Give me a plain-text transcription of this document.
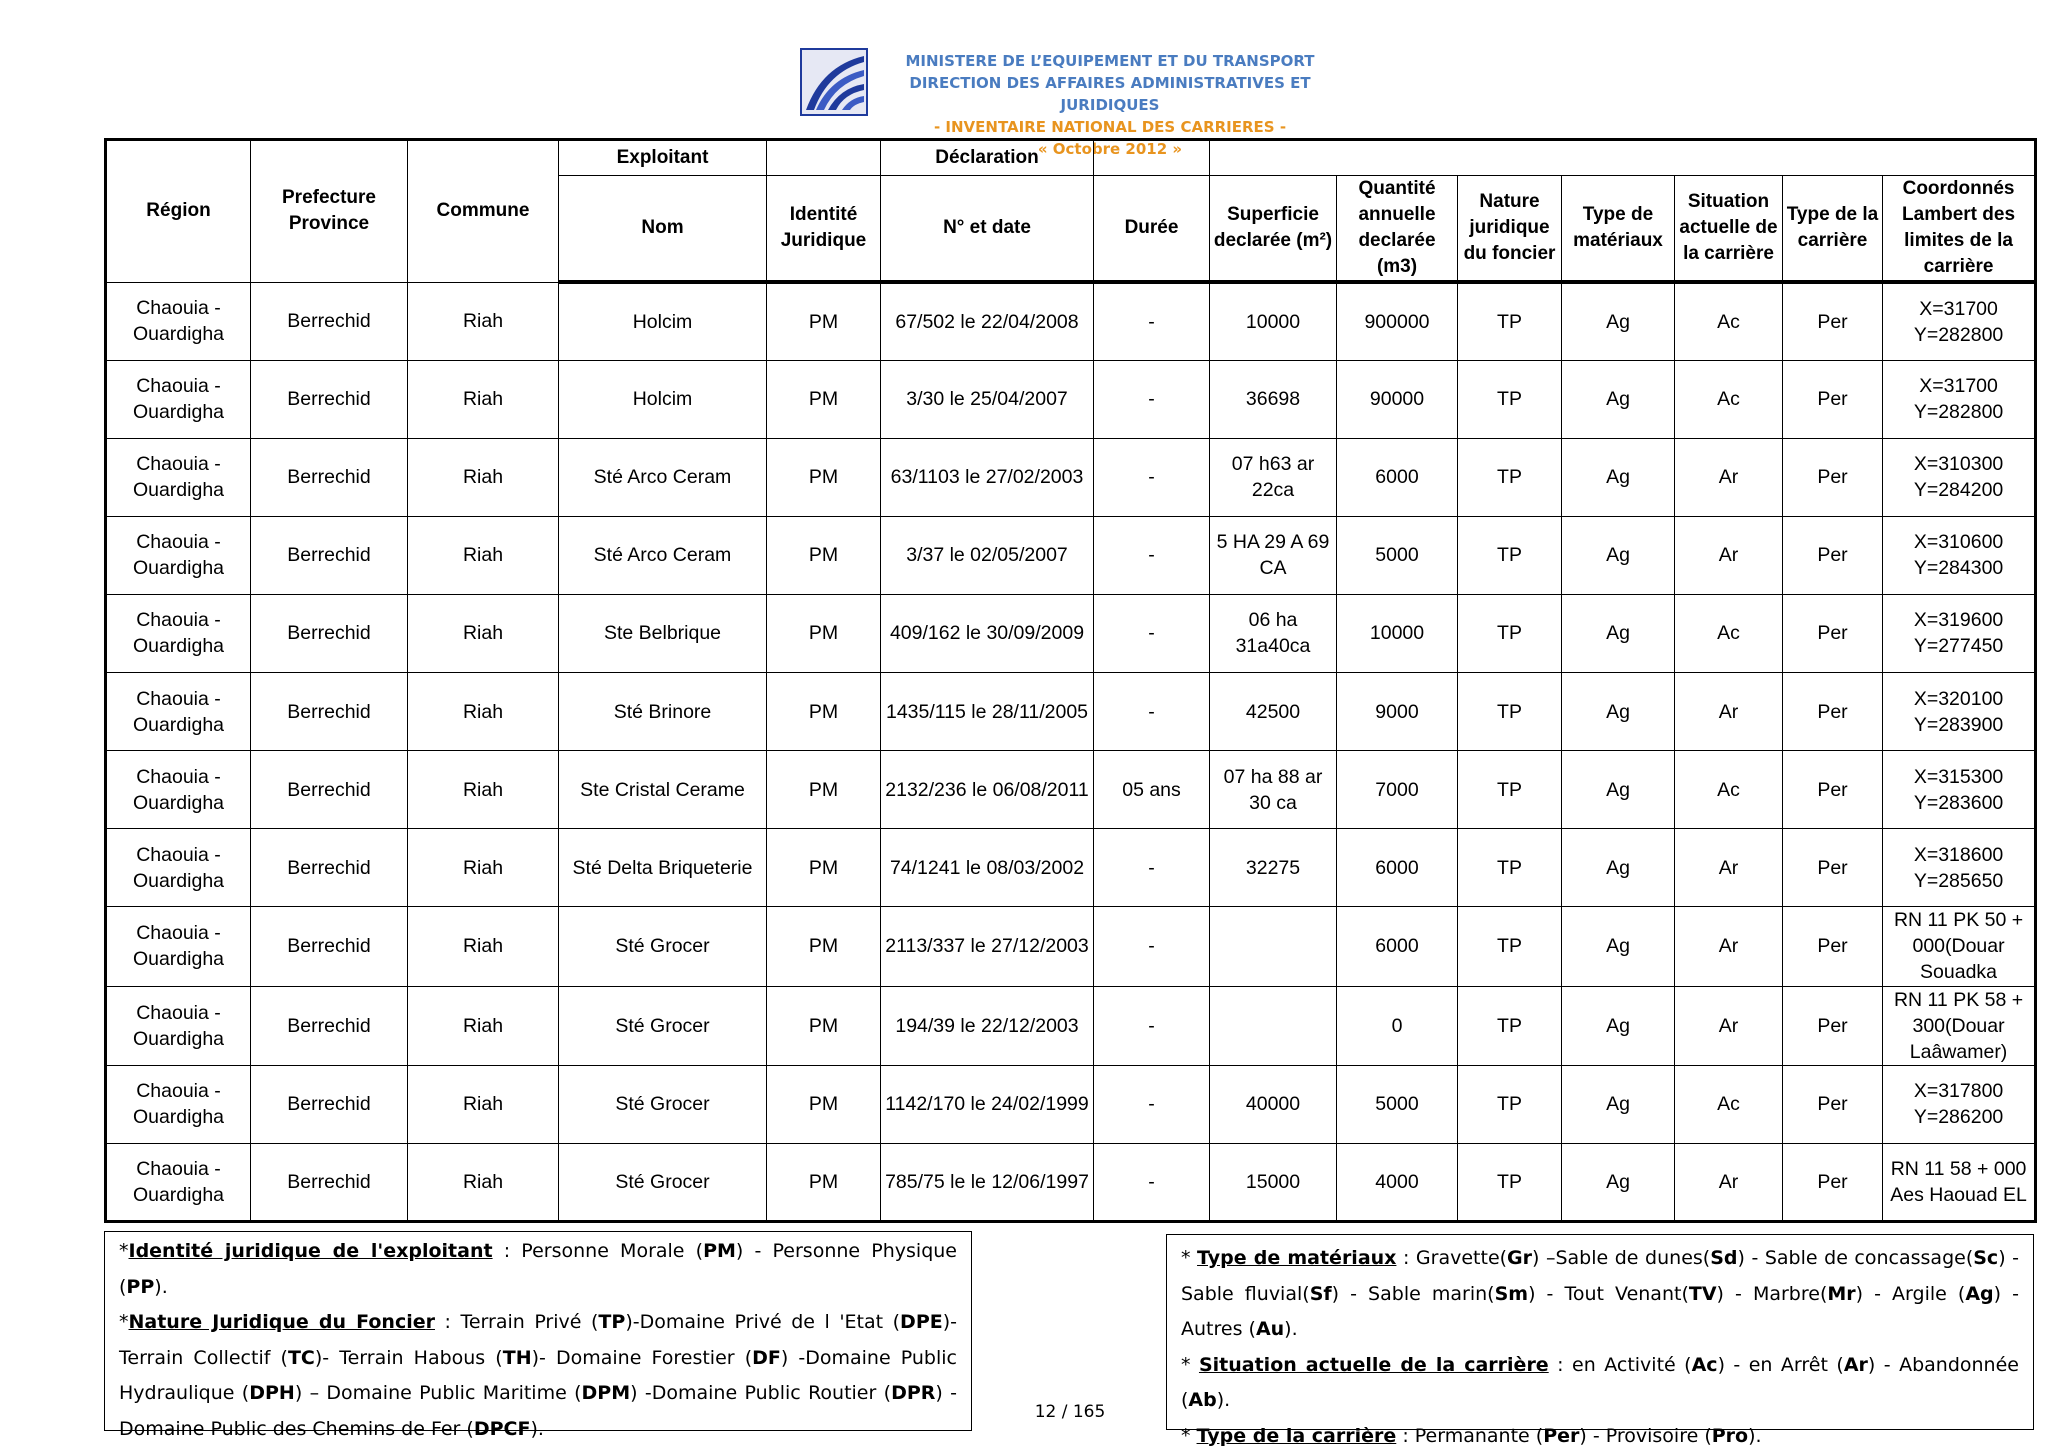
MINISTERE DE L’EQUIPEMENT ET DU TRANSPORT
DIRECTION DES AFFAIRES ADMINISTRATIVES ET JURIDIQUES
- INVENTAIRE NATIONAL DES CARRIERES -
« Octobre 2012 »
Région	Prefecture Province	Commune	Exploitant		Déclaration								
			Nom	Identité Juridique	N° et date	Durée	Superficie declarée (m²)	Quantité annuelle declarée (m3)	Nature juridique du foncier	Type de matériaux	Situation actuelle de la carrière	Type de la carrière	Coordonnés Lambert des limites de la carrière
Chaouia - Ouardigha	Berrechid	Riah	Holcim	PM	67/502 le 22/04/2008	-	10000	900000	TP	Ag	Ac	Per	X=31700 Y=282800
Chaouia - Ouardigha	Berrechid	Riah	Holcim	PM	3/30 le 25/04/2007	-	36698	90000	TP	Ag	Ac	Per	X=31700 Y=282800
Chaouia - Ouardigha	Berrechid	Riah	Sté Arco Ceram	PM	63/1103 le 27/02/2003	-	07 h63 ar 22ca	6000	TP	Ag	Ar	Per	X=310300 Y=284200
Chaouia - Ouardigha	Berrechid	Riah	Sté Arco Ceram	PM	3/37 le 02/05/2007	-	5 HA 29 A 69 CA	5000	TP	Ag	Ar	Per	X=310600 Y=284300
Chaouia - Ouardigha	Berrechid	Riah	Ste Belbrique	PM	409/162 le 30/09/2009	-	06 ha 31a40ca	10000	TP	Ag	Ac	Per	X=319600 Y=277450
Chaouia - Ouardigha	Berrechid	Riah	Sté Brinore	PM	1435/115 le 28/11/2005	-	42500	9000	TP	Ag	Ar	Per	X=320100 Y=283900
Chaouia - Ouardigha	Berrechid	Riah	Ste Cristal Cerame	PM	2132/236 le 06/08/2011	05 ans	07 ha 88 ar 30 ca	7000	TP	Ag	Ac	Per	X=315300 Y=283600
Chaouia - Ouardigha	Berrechid	Riah	Sté Delta Briqueterie	PM	74/1241 le 08/03/2002	-	32275	6000	TP	Ag	Ar	Per	X=318600 Y=285650
Chaouia - Ouardigha	Berrechid	Riah	Sté Grocer	PM	2113/337 le 27/12/2003	-		6000	TP	Ag	Ar	Per	RN 11 PK 50 + 000(Douar Souadka
Chaouia - Ouardigha	Berrechid	Riah	Sté Grocer	PM	194/39 le 22/12/2003	-		0	TP	Ag	Ar	Per	RN 11 PK 58 + 300(Douar Laâwamer)
Chaouia - Ouardigha	Berrechid	Riah	Sté Grocer	PM	1142/170 le 24/02/1999	-	40000	5000	TP	Ag	Ac	Per	X=317800 Y=286200
Chaouia - Ouardigha	Berrechid	Riah	Sté Grocer	PM	785/75 le le 12/06/1997	-	15000	4000	TP	Ag	Ar	Per	RN 11 58 + 000 Aes Haouad EL

*Identité juridique de l'exploitant : Personne Morale (PM) - Personne Physique (PP).

*Nature Juridique du Foncier : Terrain Privé (TP)-Domaine Privé de l 'Etat (DPE)- Terrain Collectif (TC)- Terrain Habous (TH)- Domaine Forestier (DF) -Domaine Public Hydraulique (DPH) – Domaine Public Maritime (DPM) -Domaine Public Routier (DPR) - Domaine Public des Chemins de Fer (DPCF).

* Type de matériaux : Gravette(Gr) –Sable de dunes(Sd) - Sable de concassage(Sc) - Sable fluvial(Sf) - Sable marin(Sm) - Tout Venant(TV) - Marbre(Mr) - Argile (Ag) - Autres (Au).

* Situation actuelle de la carrière : en Activité (Ac) - en Arrêt (Ar) - Abandonnée (Ab).

* Type de la carrière : Permanante (Per) - Provisoire (Pro).

12 / 165
